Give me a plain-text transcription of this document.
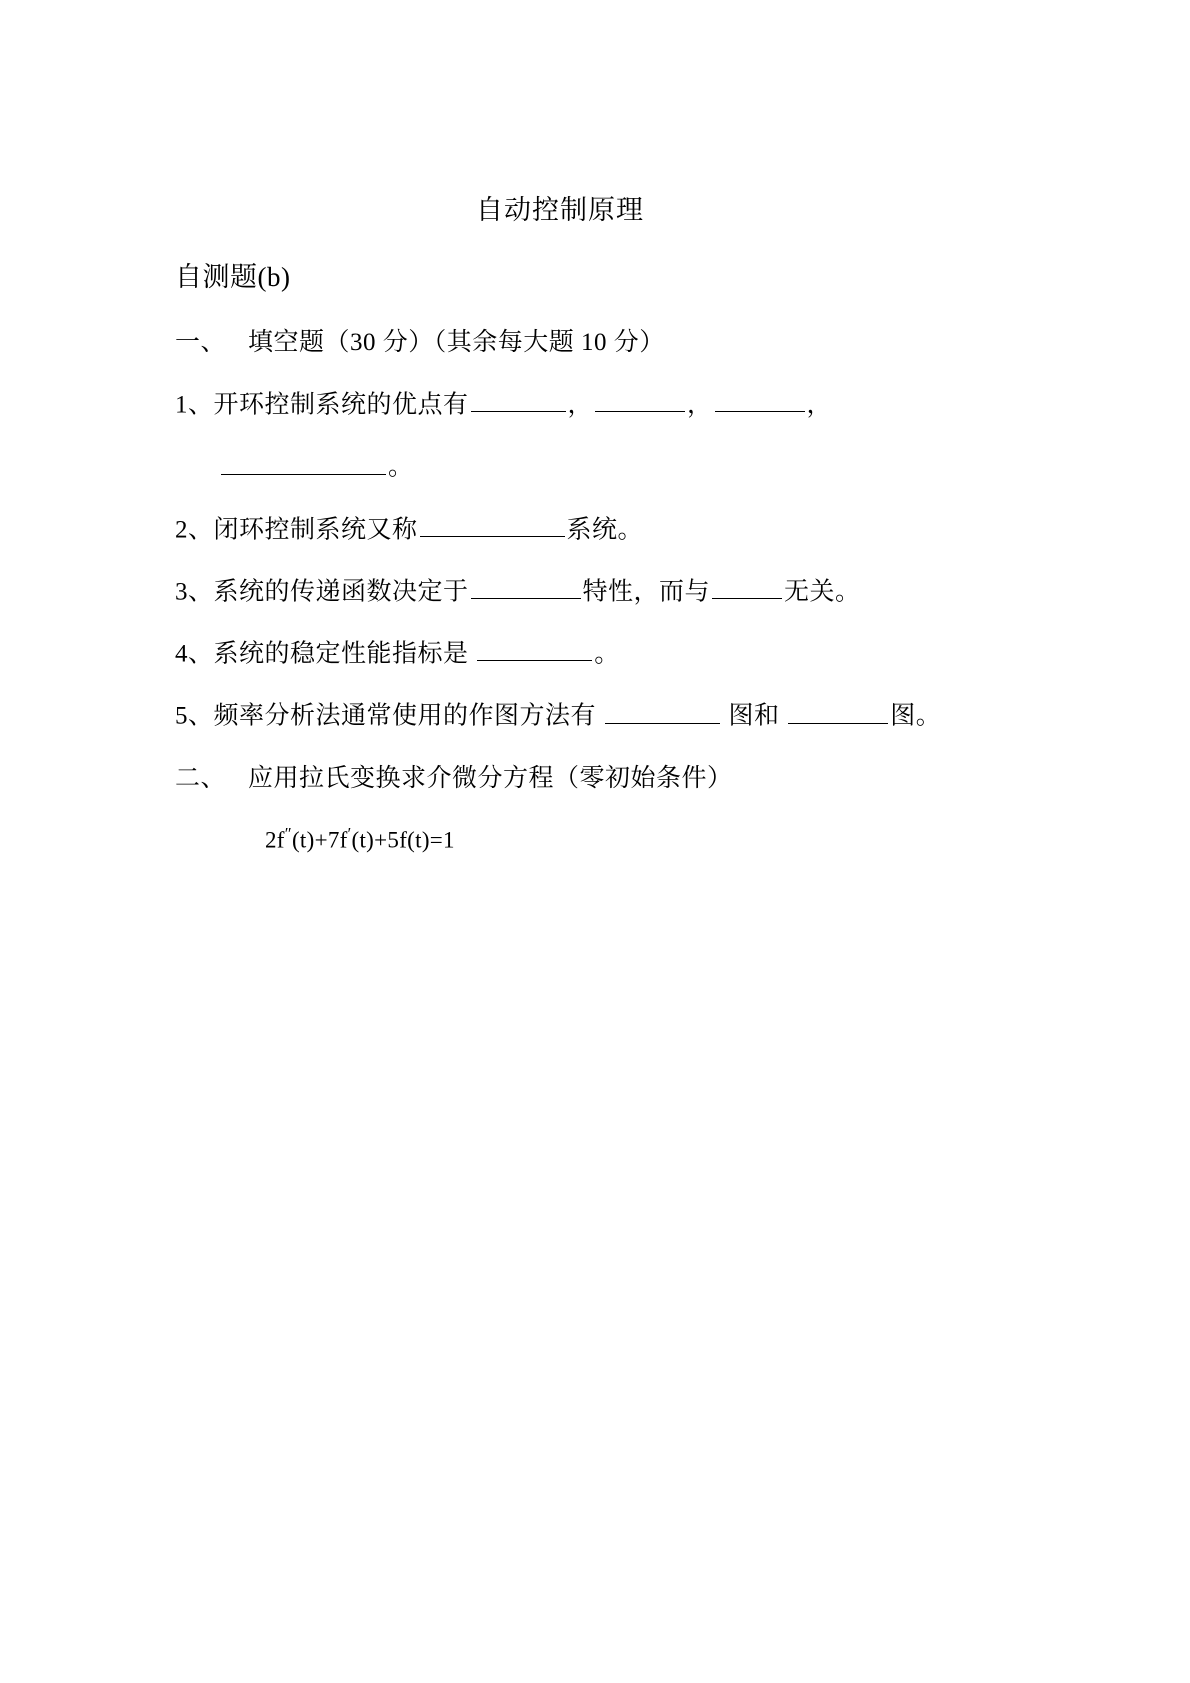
自动控制原理
自测题(b)
一、 填空题（30 分）（其余每大题 10 分）
1、开环控制系统的优点有	，	，	，
。
2、闭环控制系统又称	系统。
3、系统的传递函数决定于	特性，而与	无关。
4、系统的稳定性能指标是	。
5、频率分析法通常使用的作图方法有	图和	图。
二、 应用拉氏变换求介微分方程（零初始条件）
2f″(t)+7f′(t)+5f(t)=1
